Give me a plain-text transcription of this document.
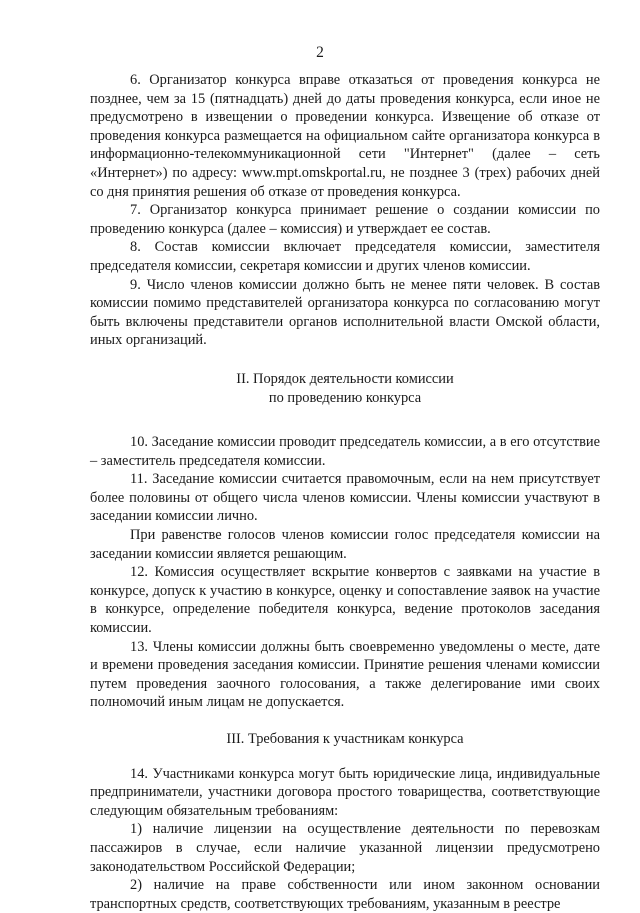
2

6. Организатор конкурса вправе отказаться от проведения конкурса не позднее, чем за 15 (пятнадцать) дней до даты проведения конкурса, если иное не предусмотрено в извещении о проведении конкурса. Извещение об отказе от проведения конкурса размещается на официальном сайте организатора конкурса в информационно-телекоммуникационной сети "Интернет" (далее – сеть «Интернет») по адресу: www.mpt.omskportal.ru, не позднее 3 (трех) рабочих дней со дня принятия решения об отказе от проведения конкурса.

7. Организатор конкурса принимает решение о создании комиссии по проведению конкурса (далее – комиссия) и утверждает ее состав.

8. Состав комиссии включает председателя комиссии, заместителя председателя комиссии, секретаря комиссии и других членов комиссии.

9. Число членов комиссии должно быть не менее пяти человек. В состав комиссии помимо представителей организатора конкурса по согласованию могут быть включены представители органов исполнительной власти Омской области, иных организаций.

II. Порядок деятельности комиссии

по проведению конкурса

10. Заседание комиссии проводит председатель комиссии, а в его отсутствие – заместитель председателя комиссии.

11. Заседание комиссии считается правомочным, если на нем присутствует более половины от общего числа членов комиссии. Члены комиссии участвуют в заседании комиссии лично.

При равенстве голосов членов комиссии голос председателя комиссии на заседании комиссии является решающим.

12. Комиссия осуществляет вскрытие конвертов с заявками на участие в конкурсе, допуск к участию в конкурсе, оценку и сопоставление заявок на участие в конкурсе, определение победителя конкурса, ведение протоколов заседания комиссии.

13. Члены комиссии должны быть своевременно уведомлены о месте, дате и времени проведения заседания комиссии. Принятие решения членами комиссии путем проведения заочного голосования, а также делегирование ими своих полномочий иным лицам не допускается.

III. Требования к участникам конкурса

14. Участниками конкурса могут быть юридические лица, индивидуальные предприниматели, участники договора простого товарищества, соответствующие следующим обязательным требованиям:

1) наличие лицензии на осуществление деятельности по перевозкам пассажиров в случае, если наличие указанной лицензии предусмотрено законодательством Российской Федерации;

2) наличие на праве собственности или ином законном основании транспортных средств, соответствующих требованиям, указанным в реестре
